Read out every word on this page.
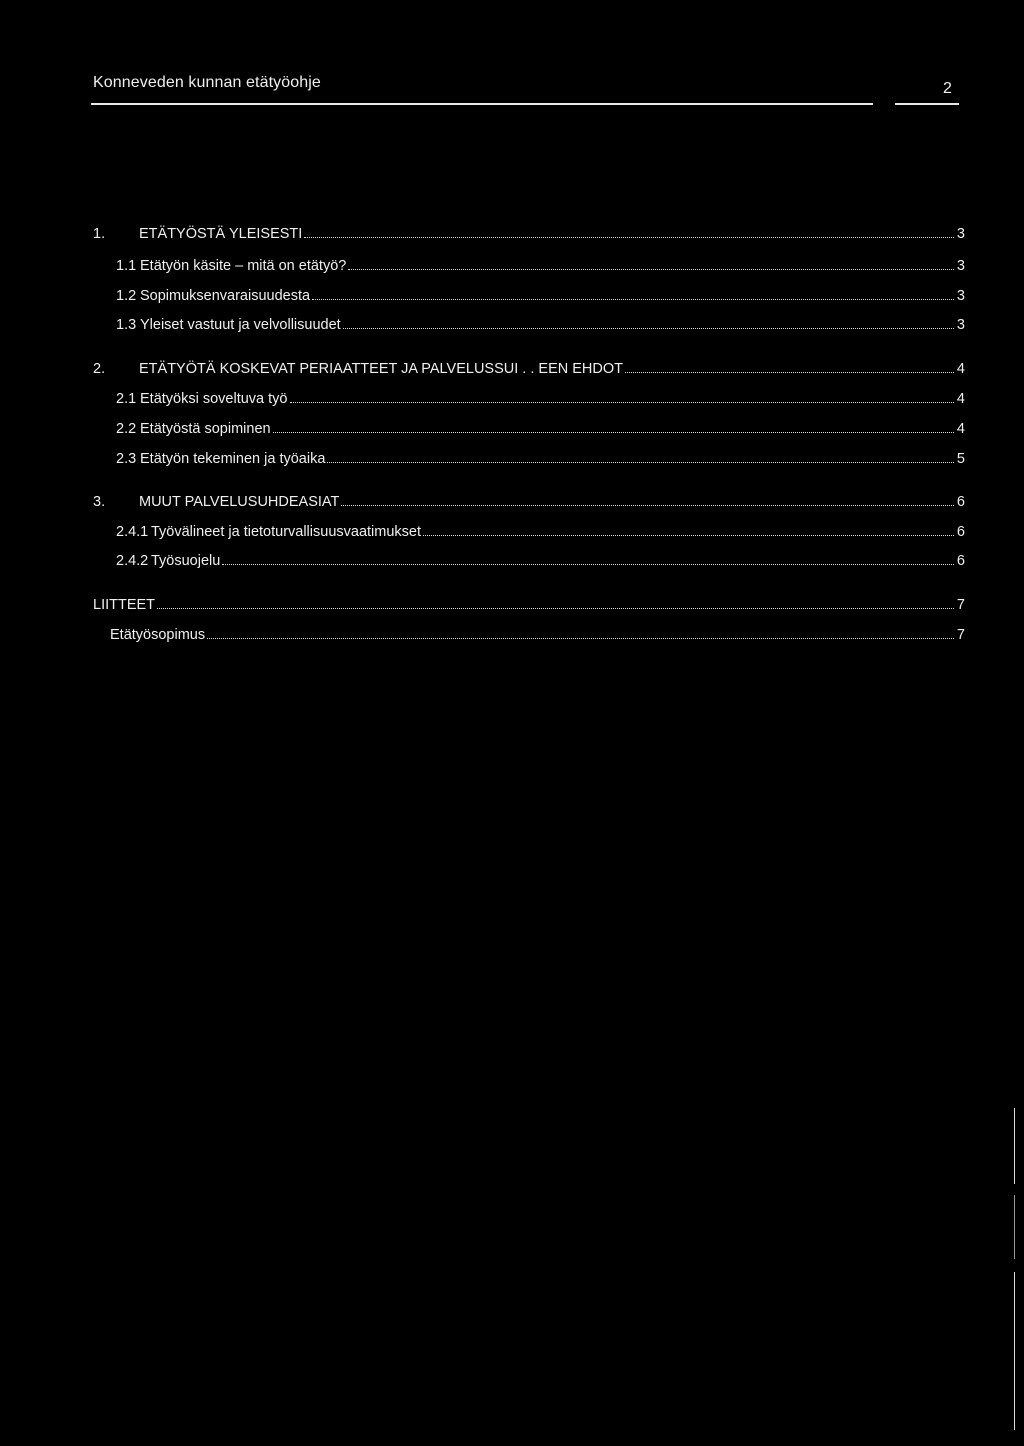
Konneveden kunnan etätyöohje	2
1.	ETÄTYÖSTÄ YLEISESTI	3
1.1 Etätyön käsite – mitä on etätyö?	3
1.2 Sopimuksenvaraisuudesta	3
1.3 Yleiset vastuut ja velvollisuudet	3
2.	ETÄTYÖTÄ KOSKEVAT PERIAATTEET JA PALVELUSSUI . . EEN EHDOT	4
2.1 Etätyöksi soveltuva työ	4
2.2 Etätyöstä sopiminen	4
2.3 Etätyön tekeminen ja työaika	5
3.	MUUT PALVELUSUHDEASIAT	6
2.4.1 Työvälineet ja tietoturvallisuusvaatimukset	6
2.4.2 Työsuojelu	6
LIITTEET	7
Etätyösopimus	7
